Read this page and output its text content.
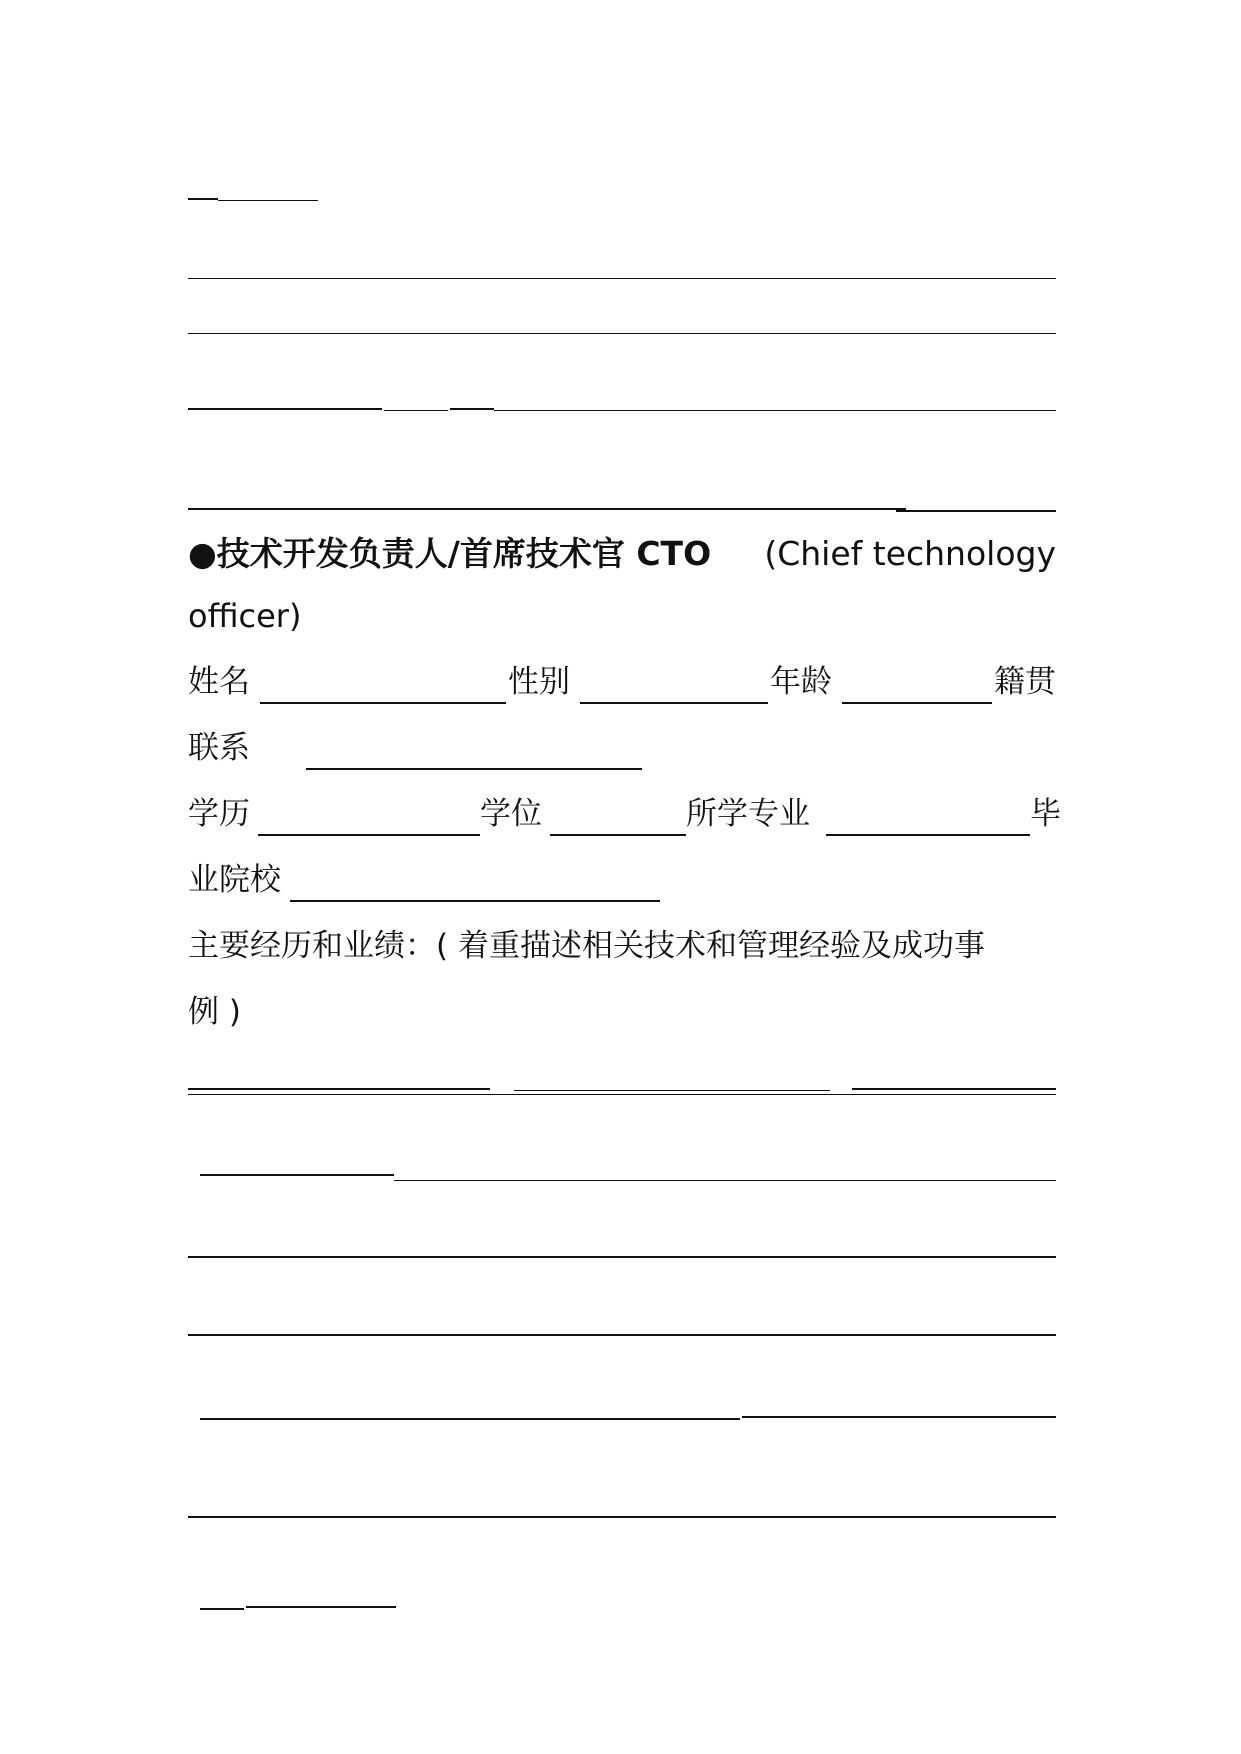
●技术开发负责人/首席技术官 CTO (Chief technology
officer)
姓名	性别	年龄	籍贯
联系
学历	学位	所学专业	毕
业院校
主要经历和业绩：( 着重描述相关技术和管理经验及成功事
例 )
